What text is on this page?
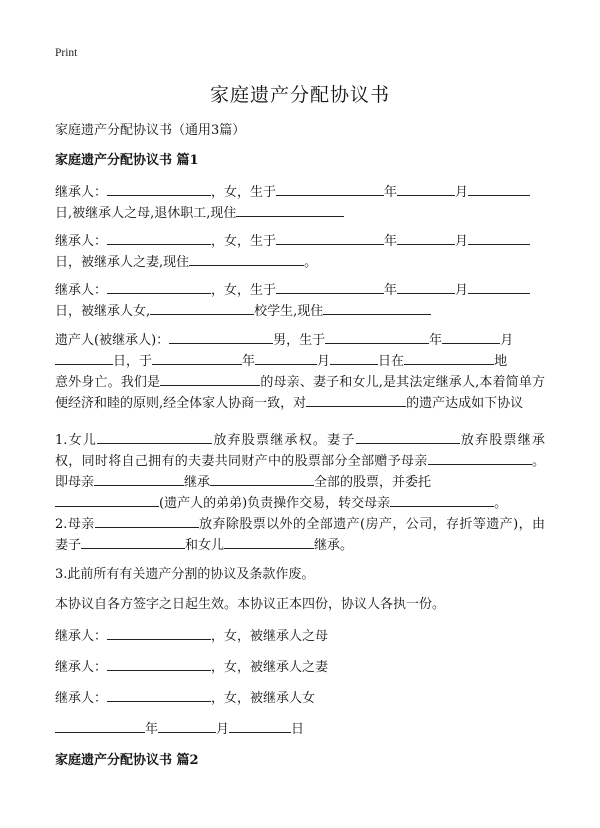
Print
家庭遗产分配协议书
家庭遗产分配协议书（通用3篇）
家庭遗产分配协议书 篇1
继承人：	，女，生于	年	月
日,被继承人之母,退休职工,现住
继承人：	，女，生于	年	月
日，被继承人之妻,现住	。
继承人：	，女，生于	年	月
日，被继承人女,	校学生,现住
遗产人(被继承人)：	男，生于	年	月
日，于	年	月	日在	地
意外身亡。我们是	的母亲、妻子和女儿,是其法定继承人,本着简单方便经济和睦的原则,经全体家人协商一致，对	的遗产达成如下协议
1.女儿	放弃股票继承权。妻子	放弃股票继承权，同时将自己拥有的夫妻共同财产中的股票部分全部赠予母亲	。即母亲	继承	全部的股票，并委托
(遗产人的弟弟)负责操作交易，转交母亲	。
2.母亲	放弃除股票以外的全部遗产(房产，公司，存折等遗产)，由妻子	和女儿	继承。
3.此前所有有关遗产分割的协议及条款作废。
本协议自各方签字之日起生效。本协议正本四份，协议人各执一份。
继承人：	，女，被继承人之母
继承人：	，女，被继承人之妻
继承人：	，女，被继承人女
年	月	日
家庭遗产分配协议书 篇2
